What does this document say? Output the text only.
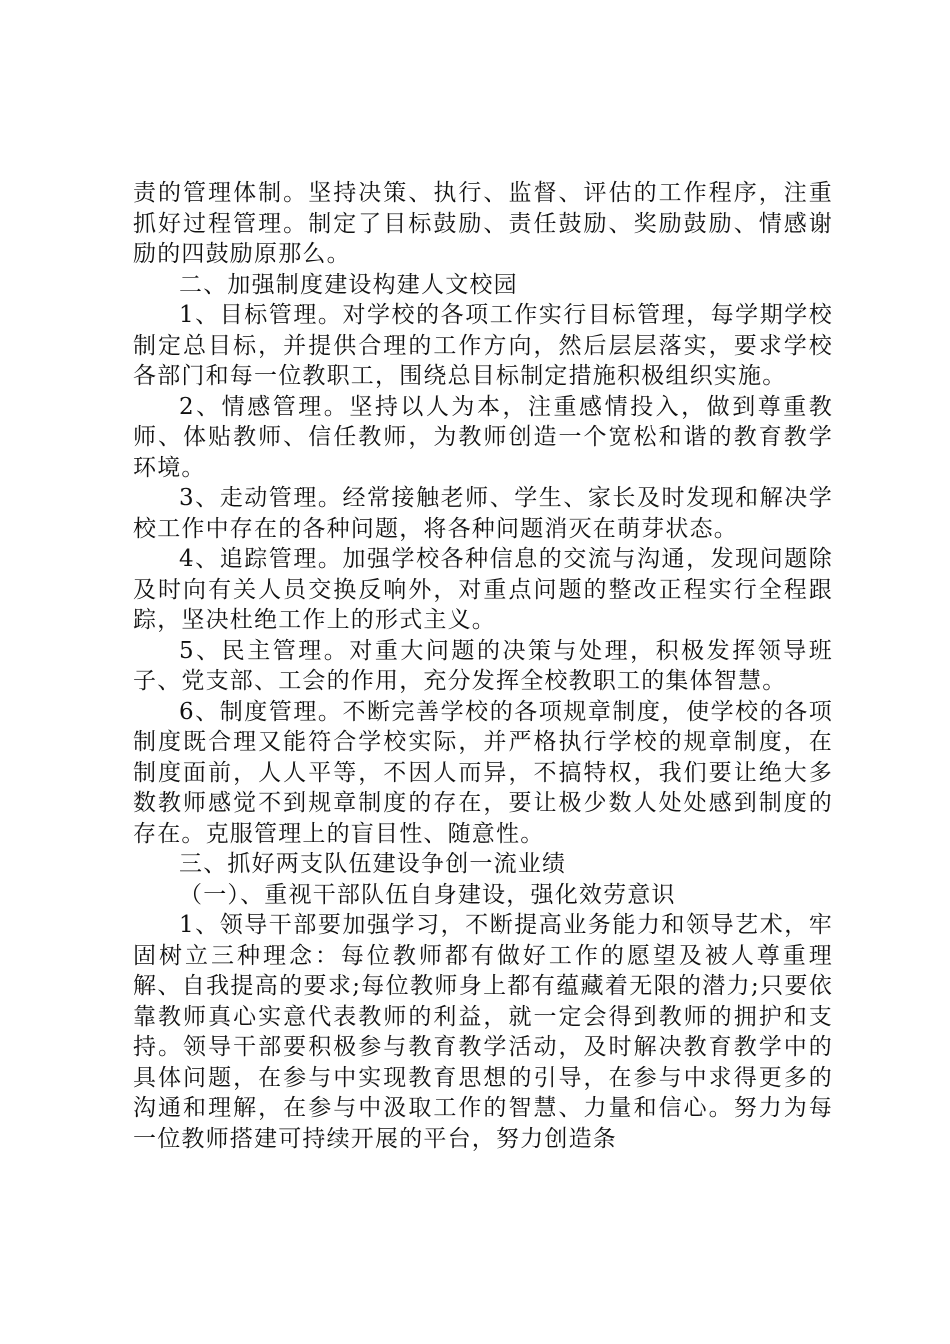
责的管理体制。坚持决策、执行、监督、评估的工作程序，注重抓好过程管理。制定了目标鼓励、责任鼓励、奖励鼓励、情感谢励的四鼓励原那么。

二、加强制度建设构建人文校园

1、目标管理。对学校的各项工作实行目标管理，每学期学校制定总目标，并提供合理的工作方向，然后层层落实，要求学校各部门和每一位教职工，围绕总目标制定措施积极组织实施。

2、情感管理。坚持以人为本，注重感情投入，做到尊重教师、体贴教师、信任教师，为教师创造一个宽松和谐的教育教学环境。

3、走动管理。经常接触老师、学生、家长及时发现和解决学校工作中存在的各种问题，将各种问题消灭在萌芽状态。

4、追踪管理。加强学校各种信息的交流与沟通，发现问题除及时向有关人员交换反响外，对重点问题的整改正程实行全程跟踪，坚决杜绝工作上的形式主义。

5、民主管理。对重大问题的决策与处理，积极发挥领导班子、党支部、工会的作用，充分发挥全校教职工的集体智慧。

6、制度管理。不断完善学校的各项规章制度，使学校的各项制度既合理又能符合学校实际，并严格执行学校的规章制度，在制度面前，人人平等，不因人而异，不搞特权，我们要让绝大多数教师感觉不到规章制度的存在，要让极少数人处处感到制度的存在。克服管理上的盲目性、随意性。

三、抓好两支队伍建设争创一流业绩

（一）、重视干部队伍自身建设，强化效劳意识

1、领导干部要加强学习，不断提高业务能力和领导艺术，牢固树立三种理念：每位教师都有做好工作的愿望及被人尊重理解、自我提高的要求;每位教师身上都有蕴藏着无限的潜力;只要依靠教师真心实意代表教师的利益，就一定会得到教师的拥护和支持。领导干部要积极参与教育教学活动，及时解决教育教学中的具体问题，在参与中实现教育思想的引导，在参与中求得更多的沟通和理解，在参与中汲取工作的智慧、力量和信心。努力为每一位教师搭建可持续开展的平台，努力创造条
